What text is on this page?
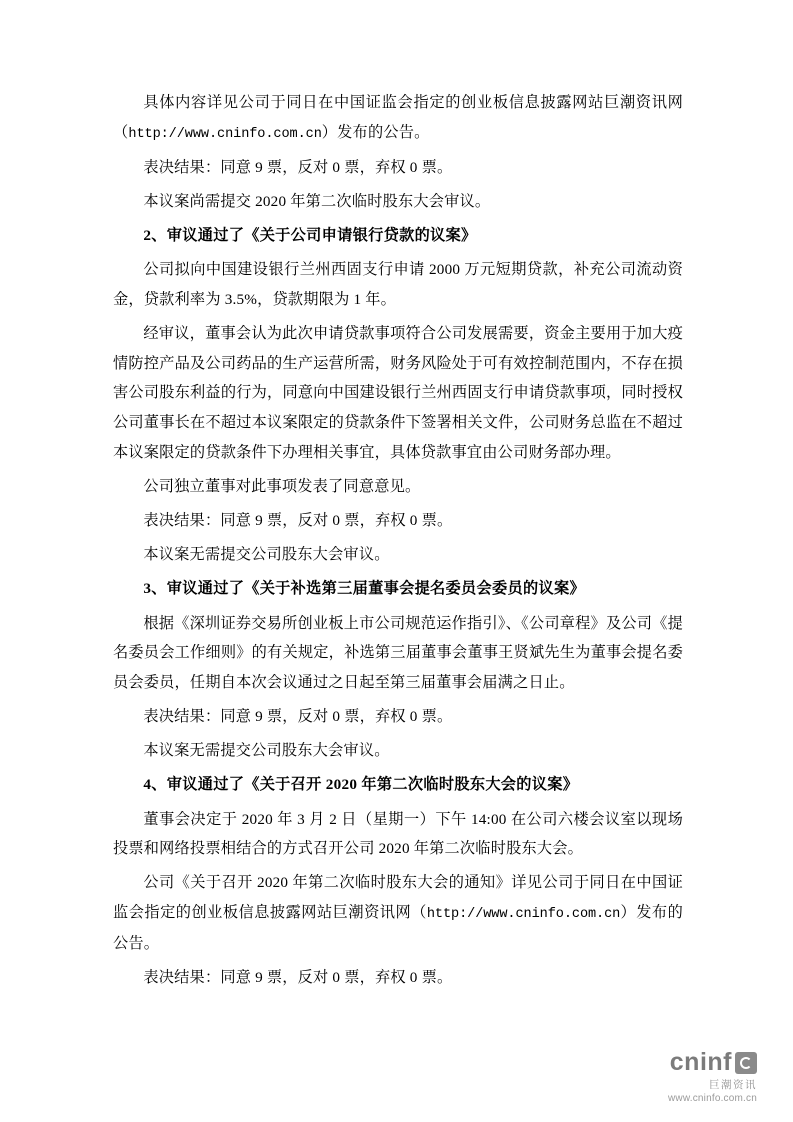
具体内容详见公司于同日在中国证监会指定的创业板信息披露网站巨潮资讯网（http://www.cninfo.com.cn）发布的公告。

表决结果：同意 9 票，反对 0 票，弃权 0 票。

本议案尚需提交 2020 年第二次临时股东大会审议。

2、审议通过了《关于公司申请银行贷款的议案》

公司拟向中国建设银行兰州西固支行申请 2000 万元短期贷款，补充公司流动资金，贷款利率为 3.5%，贷款期限为 1 年。

经审议，董事会认为此次申请贷款事项符合公司发展需要，资金主要用于加大疫情防控产品及公司药品的生产运营所需，财务风险处于可有效控制范围内，不存在损害公司股东利益的行为，同意向中国建设银行兰州西固支行申请贷款事项，同时授权公司董事长在不超过本议案限定的贷款条件下签署相关文件，公司财务总监在不超过本议案限定的贷款条件下办理相关事宜，具体贷款事宜由公司财务部办理。

公司独立董事对此事项发表了同意意见。

表决结果：同意 9 票，反对 0 票，弃权 0 票。

本议案无需提交公司股东大会审议。

3、审议通过了《关于补选第三届董事会提名委员会委员的议案》

根据《深圳证券交易所创业板上市公司规范运作指引》、《公司章程》及公司《提名委员会工作细则》的有关规定，补选第三届董事会董事王贤斌先生为董事会提名委员会委员，任期自本次会议通过之日起至第三届董事会届满之日止。

表决结果：同意 9 票，反对 0 票，弃权 0 票。

本议案无需提交公司股东大会审议。

4、审议通过了《关于召开 2020 年第二次临时股东大会的议案》

董事会决定于 2020 年 3 月 2 日（星期一）下午 14:00 在公司六楼会议室以现场投票和网络投票相结合的方式召开公司 2020 年第二次临时股东大会。

公司《关于召开 2020 年第二次临时股东大会的通知》详见公司于同日在中国证监会指定的创业板信息披露网站巨潮资讯网（http://www.cninfo.com.cn）发布的公告。

表决结果：同意 9 票，反对 0 票，弃权 0 票。

cninf
巨潮资讯
www.cninfo.com.cn
